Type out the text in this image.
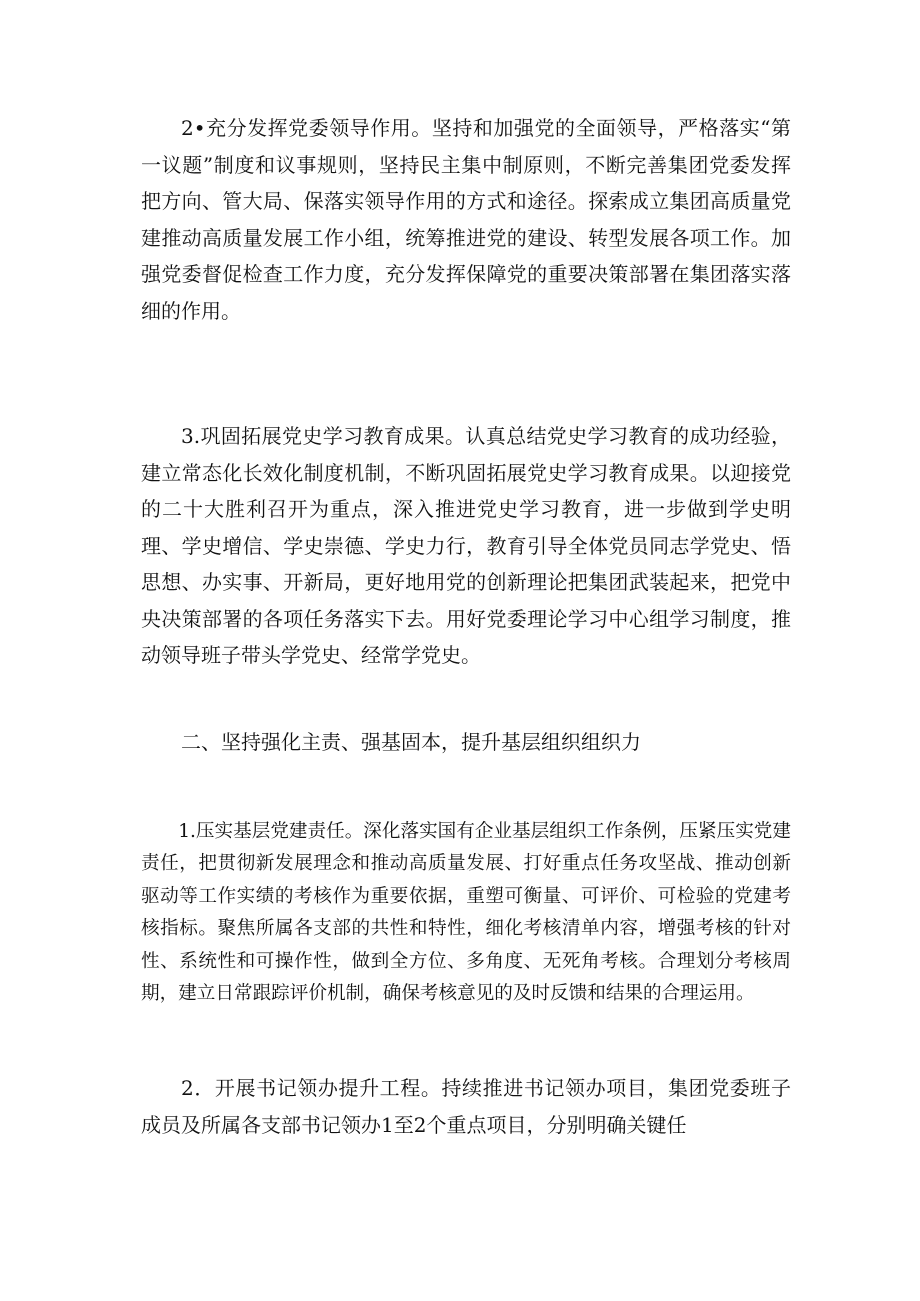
2•充分发挥党委领导作用。坚持和加强党的全面领导，严格落实“第一议题”制度和议事规则，坚持民主集中制原则，不断完善集团党委发挥把方向、管大局、保落实领导作用的方式和途径。探索成立集团高质量党建推动高质量发展工作小组，统筹推进党的建设、转型发展各项工作。加强党委督促检查工作力度，充分发挥保障党的重要决策部署在集团落实落细的作用。

3.巩固拓展党史学习教育成果。认真总结党史学习教育的成功经验，建立常态化长效化制度机制，不断巩固拓展党史学习教育成果。以迎接党的二十大胜利召开为重点，深入推进党史学习教育，进一步做到学史明理、学史增信、学史崇德、学史力行，教育引导全体党员同志学党史、悟思想、办实事、开新局，更好地用党的创新理论把集团武装起来，把党中央决策部署的各项任务落实下去。用好党委理论学习中心组学习制度，推动领导班子带头学党史、经常学党史。

二、坚持强化主责、强基固本，提升基层组织组织力

1.压实基层党建责任。深化落实国有企业基层组织工作条例，压紧压实党建责任，把贯彻新发展理念和推动高质量发展、打好重点任务攻坚战、推动创新驱动等工作实绩的考核作为重要依据，重塑可衡量、可评价、可检验的党建考核指标。聚焦所属各支部的共性和特性，细化考核清单内容，增强考核的针对性、系统性和可操作性，做到全方位、多角度、无死角考核。合理划分考核周期，建立日常跟踪评价机制，确保考核意见的及时反馈和结果的合理运用。

2．开展书记领办提升工程。持续推进书记领办项目，集团党委班子成员及所属各支部书记领办1至2个重点项目，分别明确关键任
